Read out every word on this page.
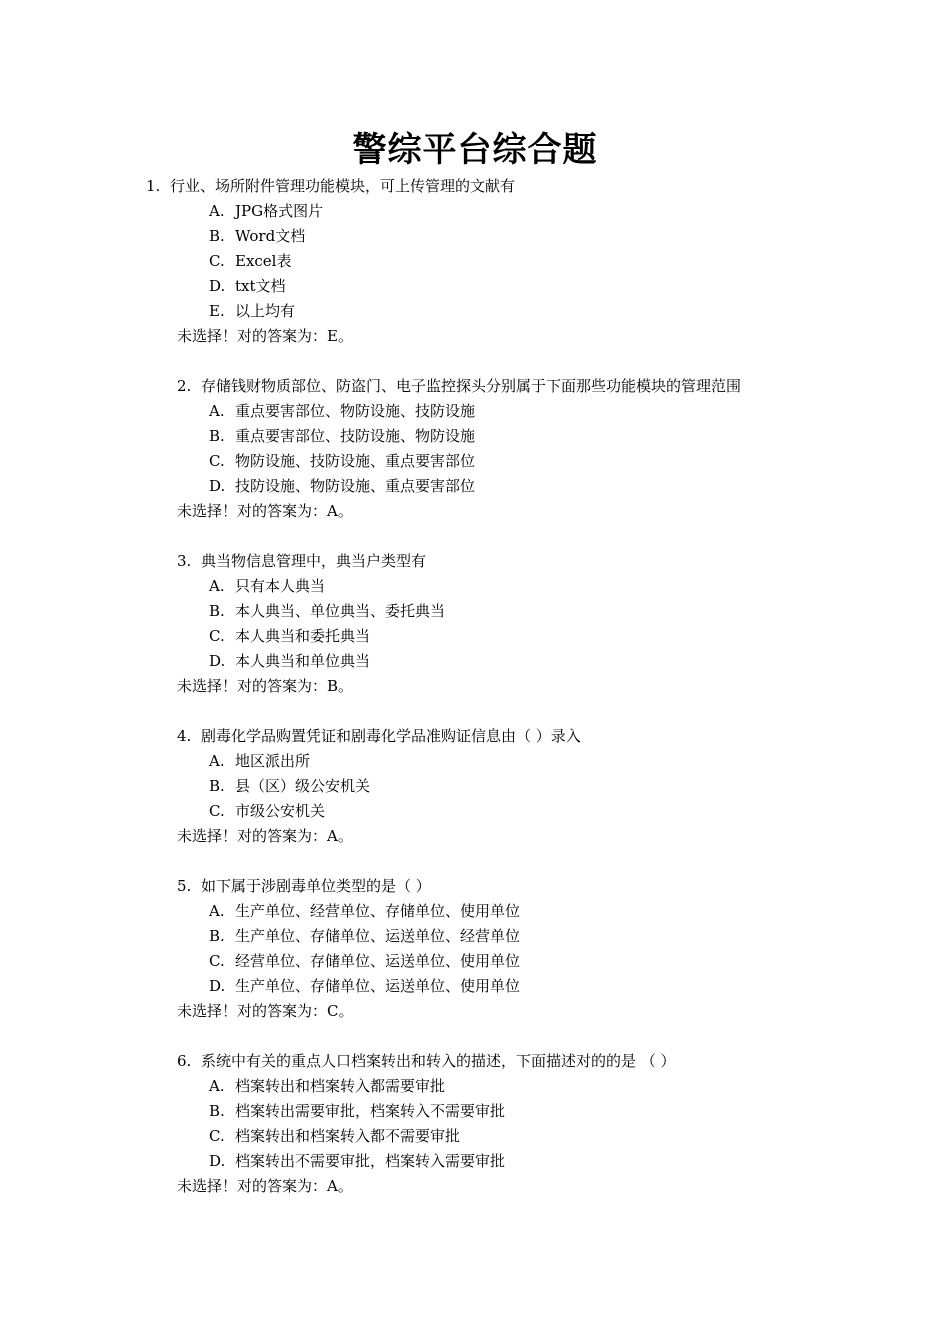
警综平台综合题
1. 行业、场所附件管理功能模块，可上传管理的文献有
A. JPG格式图片
B. Word文档
C. Excel表
D. txt文档
E. 以上均有
未选择！对的答案为：E。
2. 存储钱财物质部位、防盗门、电子监控探头分别属于下面那些功能模块的管理范围
A. 重点要害部位、物防设施、技防设施
B. 重点要害部位、技防设施、物防设施
C. 物防设施、技防设施、重点要害部位
D. 技防设施、物防设施、重点要害部位
未选择！对的答案为：A。
3. 典当物信息管理中，典当户类型有
A. 只有本人典当
B. 本人典当、单位典当、委托典当
C. 本人典当和委托典当
D. 本人典当和单位典当
未选择！对的答案为：B。
4. 剧毒化学品购置凭证和剧毒化学品准购证信息由（ ）录入
A. 地区派出所
B. 县（区）级公安机关
C. 市级公安机关
未选择！对的答案为：A。
5. 如下属于涉剧毒单位类型的是（ ）
A. 生产单位、经营单位、存储单位、使用单位
B. 生产单位、存储单位、运送单位、经营单位
C. 经营单位、存储单位、运送单位、使用单位
D. 生产单位、存储单位、运送单位、使用单位
未选择！对的答案为：C。
6. 系统中有关的重点人口档案转出和转入的描述，下面描述对的的是 （ ）
A. 档案转出和档案转入都需要审批
B. 档案转出需要审批，档案转入不需要审批
C. 档案转出和档案转入都不需要审批
D. 档案转出不需要审批，档案转入需要审批
未选择！对的答案为：A。
